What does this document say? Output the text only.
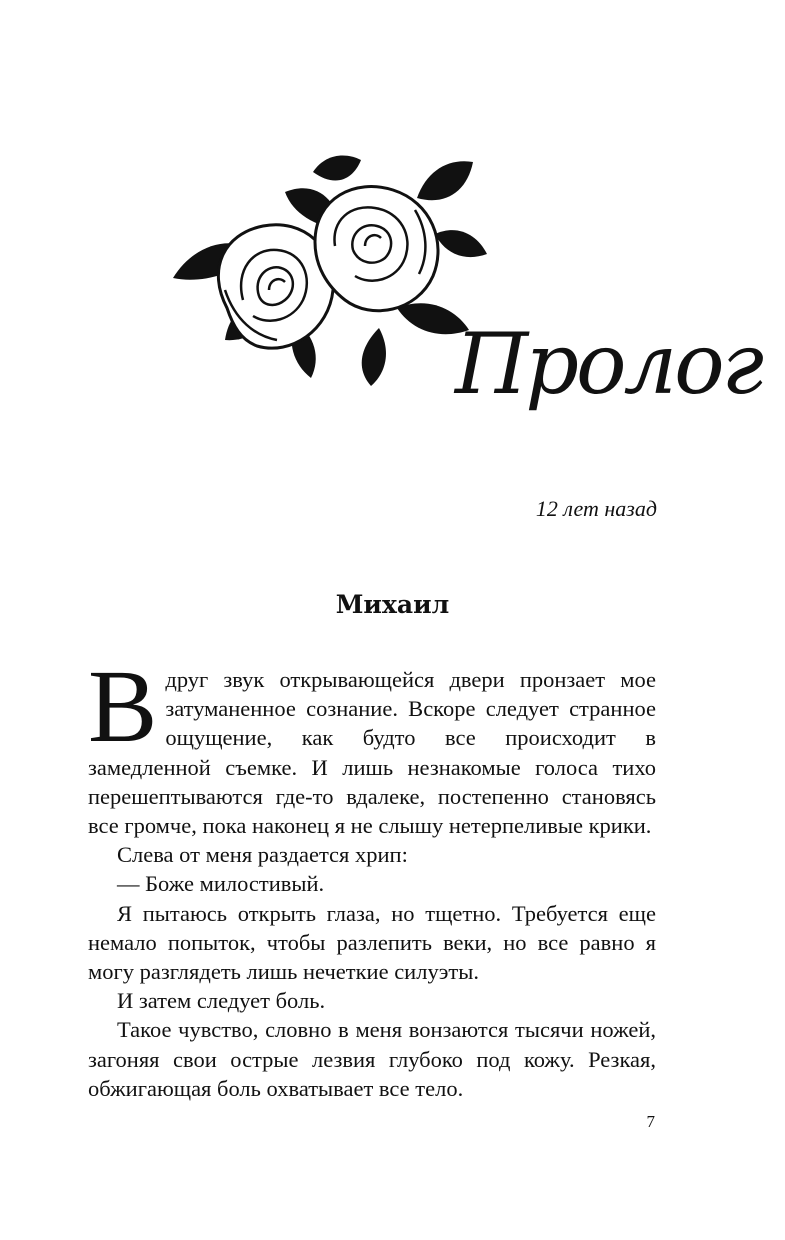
Пролог
12 лет назад
Михаил

Вдруг звук открывающейся двери пронзает мое затуманенное сознание. Вскоре следует странное ощущение, как будто все происходит в замедленной съемке. И лишь незнакомые голоса тихо перешептываются где-то вдалеке, постепенно становясь все громче, пока наконец я не слышу нетерпеливые крики.

Слева от меня раздается хрип:

— Боже милостивый.

Я пытаюсь открыть глаза, но тщетно. Требуется еще немало попыток, чтобы разлепить веки, но все равно я могу разглядеть лишь нечеткие силуэты.

И затем следует боль.

Такое чувство, словно в меня вонзаются тысячи ножей, загоняя свои острые лезвия глубоко под кожу. Резкая, обжигающая боль охватывает все тело.

7
